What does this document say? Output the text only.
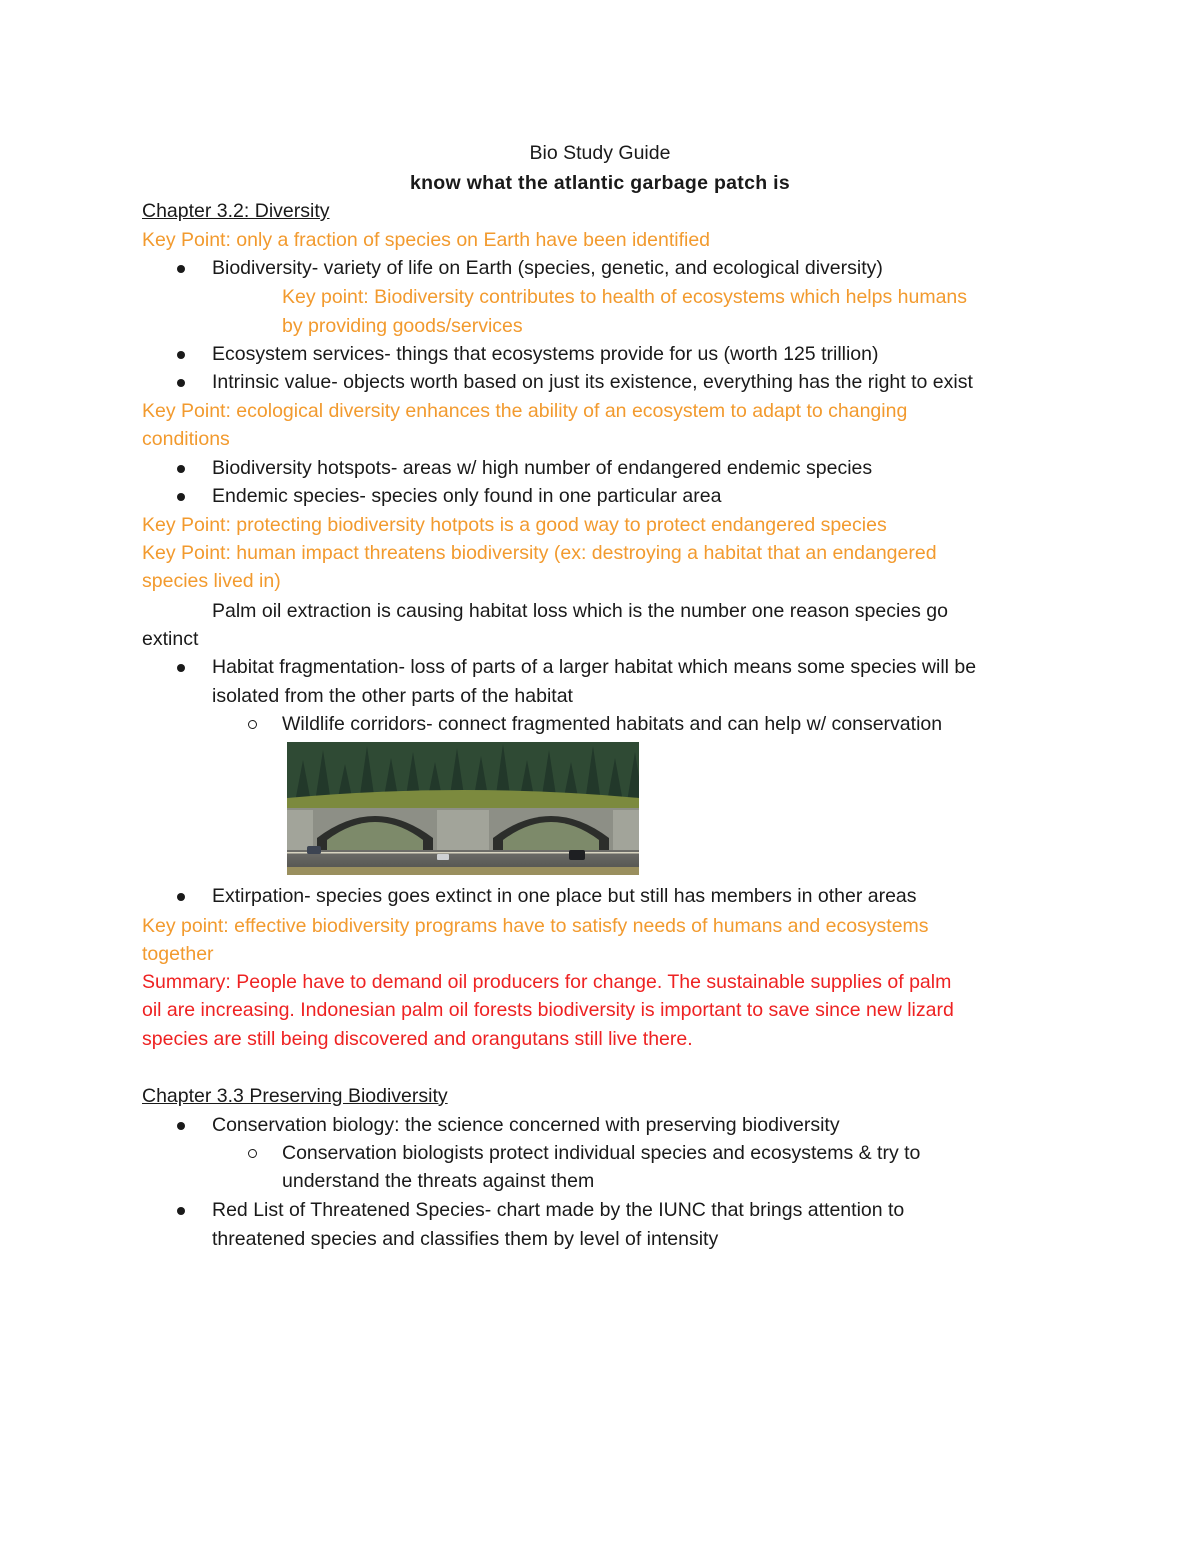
Bio Study Guide
know what the atlantic garbage patch is
Chapter 3.2: Diversity
Key Point: only a fraction of species on Earth have been identified
Biodiversity- variety of life on Earth (species, genetic, and ecological diversity)
Key point: Biodiversity contributes to health of ecosystems which helps humans
by providing goods/services
Ecosystem services- things that ecosystems provide for us (worth 125 trillion)
Intrinsic value- objects worth based on just its existence, everything has the right to exist
Key Point: ecological diversity enhances the ability of an ecosystem to adapt to changing
conditions
Biodiversity hotspots- areas w/ high number of endangered endemic species
Endemic species- species only found in one particular area
Key Point: protecting biodiversity hotpots is a good way to protect endangered species
Key Point: human impact threatens biodiversity (ex: destroying a habitat that an endangered
species lived in)
Palm oil extraction is causing habitat loss which is the number one reason species go
extinct
Habitat fragmentation- loss of parts of a larger habitat which means some species will be
isolated from the other parts of the habitat
Wildlife corridors- connect fragmented habitats and can help w/ conservation
Extirpation- species goes extinct in one place but still has members in other areas
Key point: effective biodiversity programs have to satisfy needs of humans and ecosystems
together
Summary: People have to demand oil producers for change. The sustainable supplies of palm
oil are increasing. Indonesian palm oil forests biodiversity is important to save since new lizard
species are still being discovered and orangutans still live there.
Chapter 3.3 Preserving Biodiversity
Conservation biology: the science concerned with preserving biodiversity
Conservation biologists protect individual species and ecosystems & try to
understand the threats against them
Red List of Threatened Species- chart made by the IUNC that brings attention to
threatened species and classifies them by level of intensity
